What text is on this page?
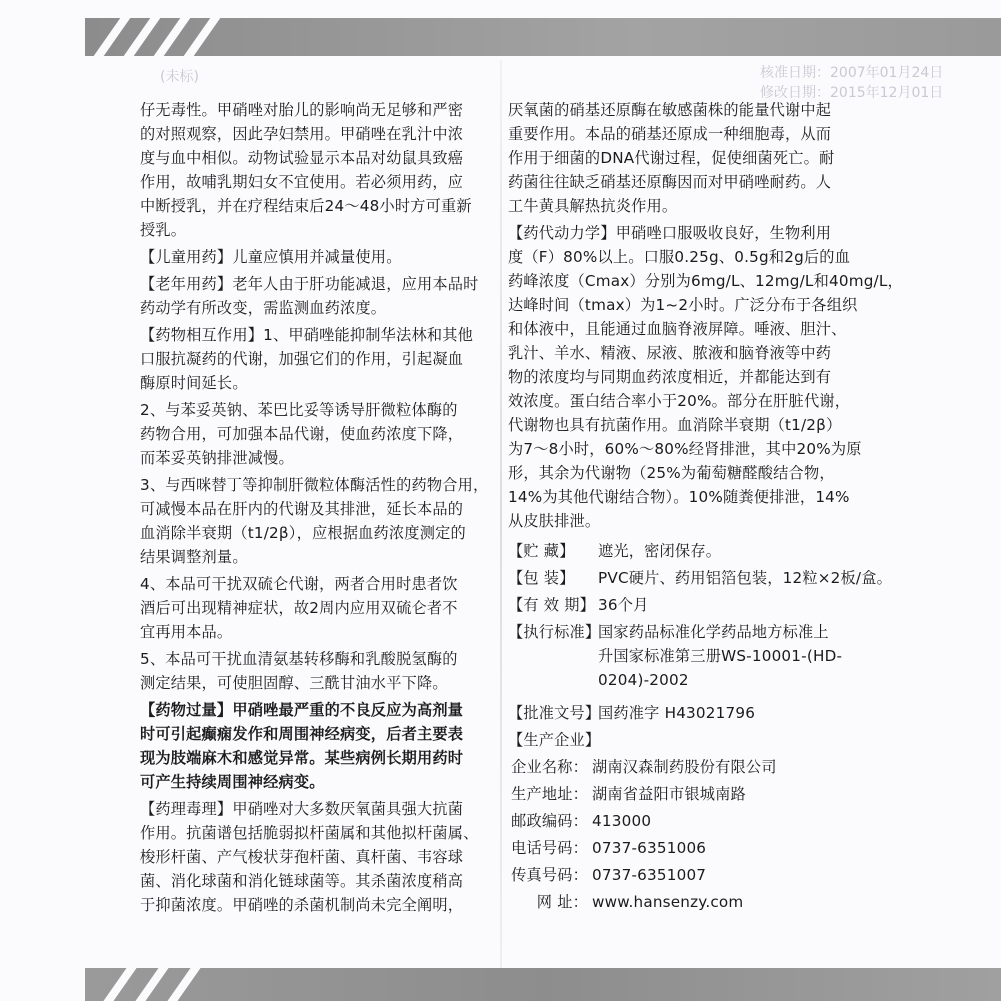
(未标)	核准日期：2007年01月24日
修改日期：2015年12月01日
仔无毒性。甲硝唑对胎儿的影响尚无足够和严密
的对照观察，因此孕妇禁用。甲硝唑在乳汁中浓
度与血中相似。动物试验显示本品对幼鼠具致癌
作用，故哺乳期妇女不宜使用。若必须用药，应
中断授乳，并在疗程结束后24～48小时方可重新
授乳。
【儿童用药】儿童应慎用并减量使用。
【老年用药】老年人由于肝功能减退，应用本品时
药动学有所改变，需监测血药浓度。
【药物相互作用】1、甲硝唑能抑制华法林和其他
口服抗凝药的代谢，加强它们的作用，引起凝血
酶原时间延长。
2、与苯妥英钠、苯巴比妥等诱导肝微粒体酶的
药物合用，可加强本品代谢，使血药浓度下降，
而苯妥英钠排泄减慢。
3、与西咪替丁等抑制肝微粒体酶活性的药物合用，
可减慢本品在肝内的代谢及其排泄，延长本品的
血消除半衰期（t1/2β），应根据血药浓度测定的
结果调整剂量。
4、本品可干扰双硫仑代谢，两者合用时患者饮
酒后可出现精神症状，故2周内应用双硫仑者不
宜再用本品。
5、本品可干扰血清氨基转移酶和乳酸脱氢酶的
测定结果，可使胆固醇、三酰甘油水平下降。
【药物过量】甲硝唑最严重的不良反应为高剂量
时可引起癫痫发作和周围神经病变，后者主要表
现为肢端麻木和感觉异常。某些病例长期用药时
可产生持续周围神经病变。
【药理毒理】甲硝唑对大多数厌氧菌具强大抗菌
作用。抗菌谱包括脆弱拟杆菌属和其他拟杆菌属、
梭形杆菌、产气梭状芽孢杆菌、真杆菌、韦容球
菌、消化球菌和消化链球菌等。其杀菌浓度稍高
于抑菌浓度。甲硝唑的杀菌机制尚未完全阐明，
厌氧菌的硝基还原酶在敏感菌株的能量代谢中起
重要作用。本品的硝基还原成一种细胞毒，从而
作用于细菌的DNA代谢过程，促使细菌死亡。耐
药菌往往缺乏硝基还原酶因而对甲硝唑耐药。人
工牛黄具解热抗炎作用。
【药代动力学】甲硝唑口服吸收良好，生物利用
度（F）80%以上。口服0.25g、0.5g和2g后的血
药峰浓度（Cmax）分别为6mg/L、12mg/L和40mg/L，
达峰时间（tmax）为1~2小时。广泛分布于各组织
和体液中，且能通过血脑脊液屏障。唾液、胆汁、
乳汁、羊水、精液、尿液、脓液和脑脊液等中药
物的浓度均与同期血药浓度相近，并都能达到有
效浓度。蛋白结合率小于20%。部分在肝脏代谢，
代谢物也具有抗菌作用。血消除半衰期（t1/2β）
为7～8小时，60%～80%经肾排泄，其中20%为原
形，其余为代谢物（25%为葡萄糖醛酸结合物，
14%为其他代谢结合物）。10%随粪便排泄，14%
从皮肤排泄。
【贮 藏】	遮光，密闭保存。
【包 装】	PVC硬片、药用铝箔包装，12粒×2板/盒。
【有 效 期】 36个月
【执行标准】
国家药品标准化学药品地方标准上
升国家标准第三册WS-10001-(HD-
0204)-2002
【批准文号】
国药准字 H43021796
【生产企业】
企业名称： 湖南汉森制药股份有限公司
生产地址： 湖南省益阳市银城南路
邮政编码： 413000
电话号码： 0737-6351006
传真号码： 0737-6351007
网 址： www.hansenzy.com
